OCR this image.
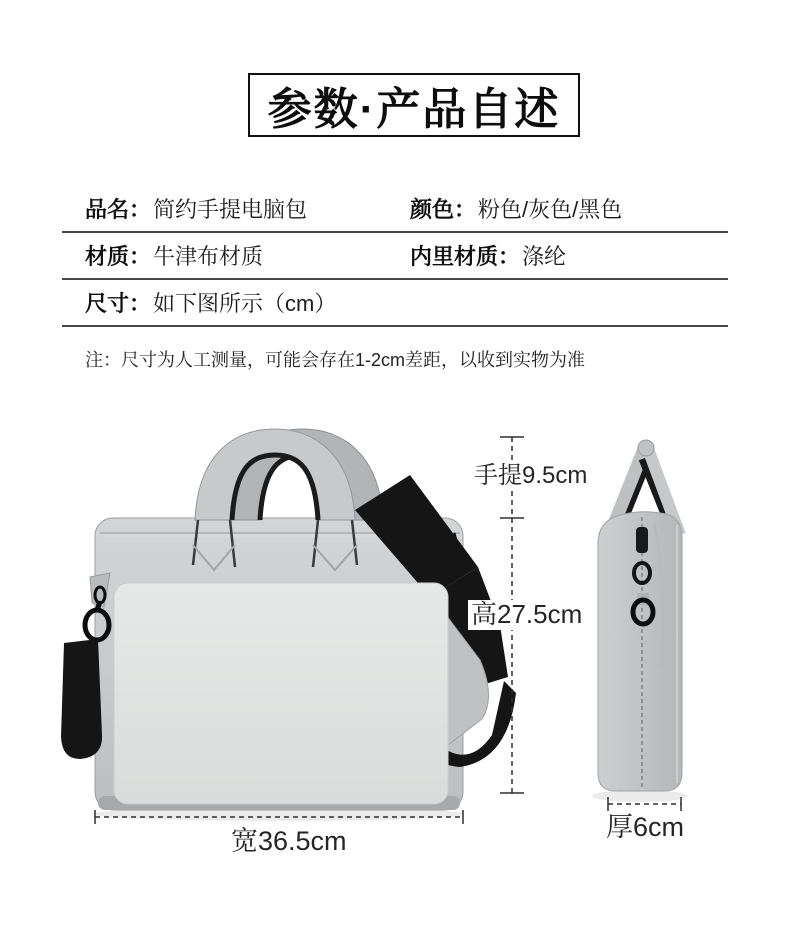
参数·产品自述
品名： 简约手提电脑包	颜色： 粉色/灰色/黑色
材质： 牛津布材质	内里材质： 涤纶
尺寸： 如下图所示（cm）
注：尺寸为人工测量，可能会存在1-2cm差距，以收到实物为准
手提9.5cm
高27.5cm
宽36.5cm	厚6cm
